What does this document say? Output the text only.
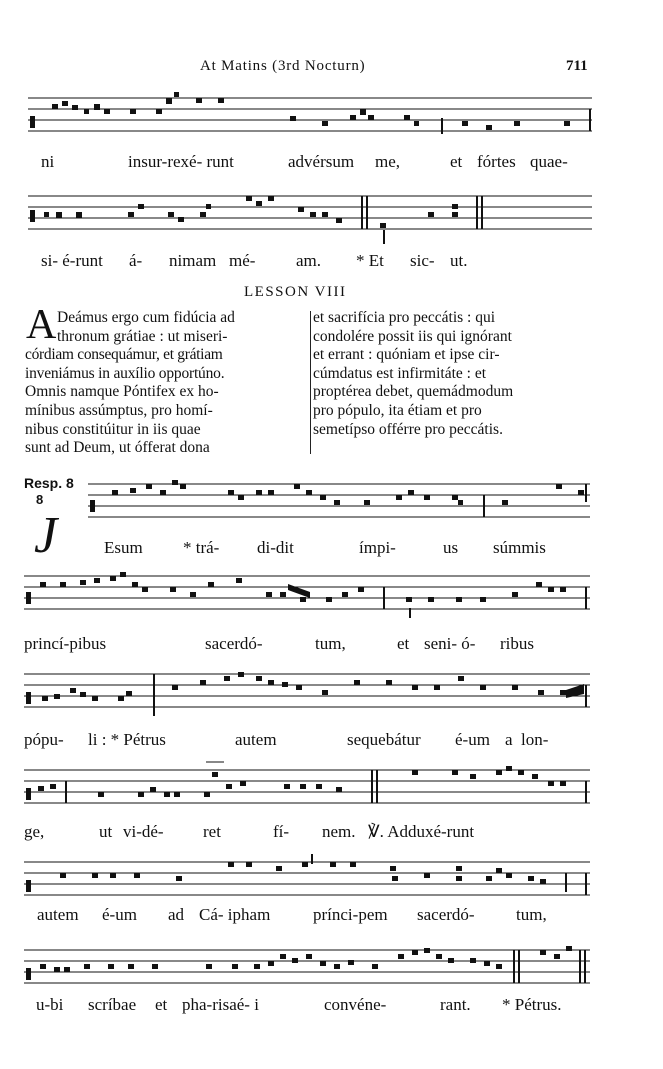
At Matins (3rd Nocturn)	711
ni	insur-rexé- runt	advérsum me,	et fórtes quae-
si- é-runt á- nimam mé- am. * Et sic- ut.
LESSON VIII
A Deámus ergo cum fidúcia ad
thronum grátiae : ut miseri-
córdiam consequámur, et grátiam
inveniámus in auxílio opportúno.
Omnis namque Póntifex ex ho-
mínibus assúmptus, pro homí-
nibus constitúitur in iis quae
sunt ad Deum, ut ófferat dona
et sacrifícia pro peccátis : qui
condolére possit iis qui ignórant
et errant : quóniam et ipse cir-
cúmdatus est infirmitáte : et
proptérea debet, quemádmodum
pro pópulo, ita étiam et pro
semetípso offérre pro peccátis.
Resp. 8
8
J	Esum * trá- di-dit	ímpi-	us súmmis
princí-pibus	sacerdó-	tum,	et seni- ó- ribus
pópu- li : * Pétrus	autem	sequebátur é-um a lon-
ge,	ut vi-dé- ret	fí- nem. ℣. Adduxé-runt
autem é-um ad Cá- ipham	prínci-pem sacerdó- tum,
u-bi scríbae et pha-risaé- i	convéne-	rant. * Pétrus.
